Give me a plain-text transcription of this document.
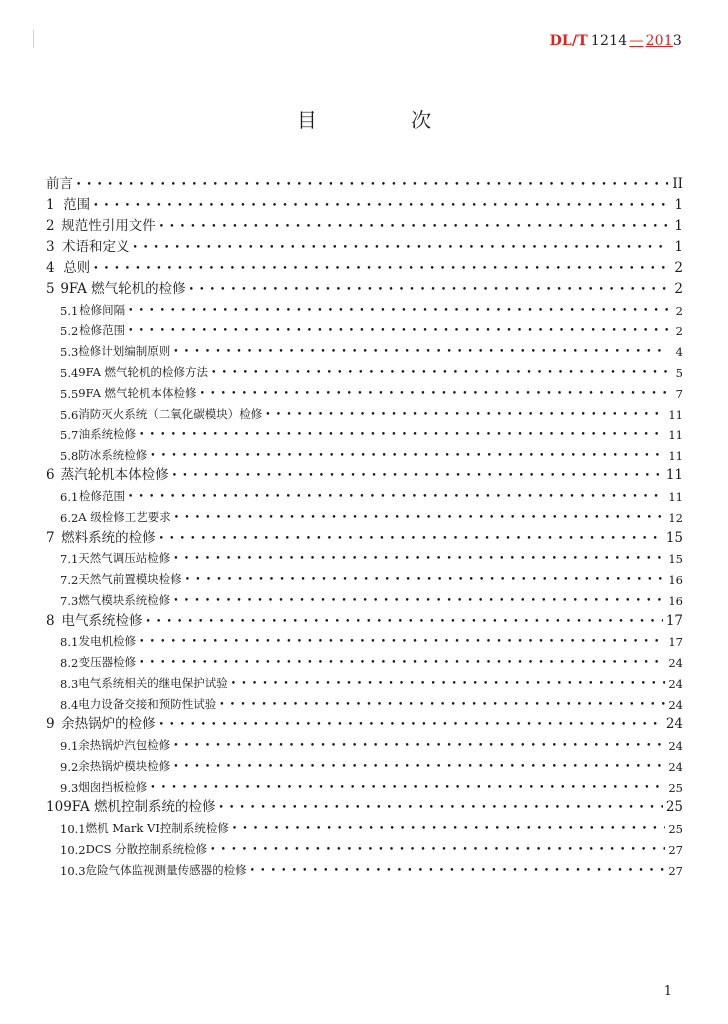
DL/T 1214 — 2013
目 次
前言 •••••	II
1 范围 •••••	1
2 规范性引用文件 •••••	1
3 术语和定义 •••••	1
4 总则 •••••	2
5 9FA 燃气轮机的检修 •••••	2
5.1 检修间隔 •••••	2
5.2 检修范围 •••••	2
5.3 检修计划编制原则 •••••	4
5.4 9FA 燃气轮机的检修方法 •••••	5
5.5 9FA 燃气轮机本体检修 •••••	7
5.6 消防灭火系统（二氧化碳模块）检修 •••••	11
5.7 油系统检修 •••••	11
5.8 防冰系统检修 •••••	11
6 蒸汽轮机本体检修 •••••	11
6.1 检修范围 •••••	11
6.2 A 级检修工艺要求 •••••	12
7 燃料系统的检修 •••••	15
7.1 天然气调压站检修 •••••	15
7.2 天然气前置模块检修 •••••	16
7.3 燃气模块系统检修 •••••	16
8 电气系统检修 •••••	17
8.1 发电机检修 •••••	17
8.2 变压器检修 •••••	24
8.3 电气系统相关的继电保护试验 •••••	24
8.4 电力设备交接和预防性试验 •••••	24
9 余热锅炉的检修 •••••	24
9.1 余热锅炉汽包检修 •••••	24
9.2 余热锅炉模块检修 •••••	24
9.3 烟囱挡板检修 •••••	25
10 9FA 燃机控制系统的检修 •••••	25
10.1 燃机 Mark VI控制系统检修 •••••	25
10.2 DCS 分散控制系统检修 •••••	27
10.3 危险气体监视测量传感器的检修 •••••	27
1
